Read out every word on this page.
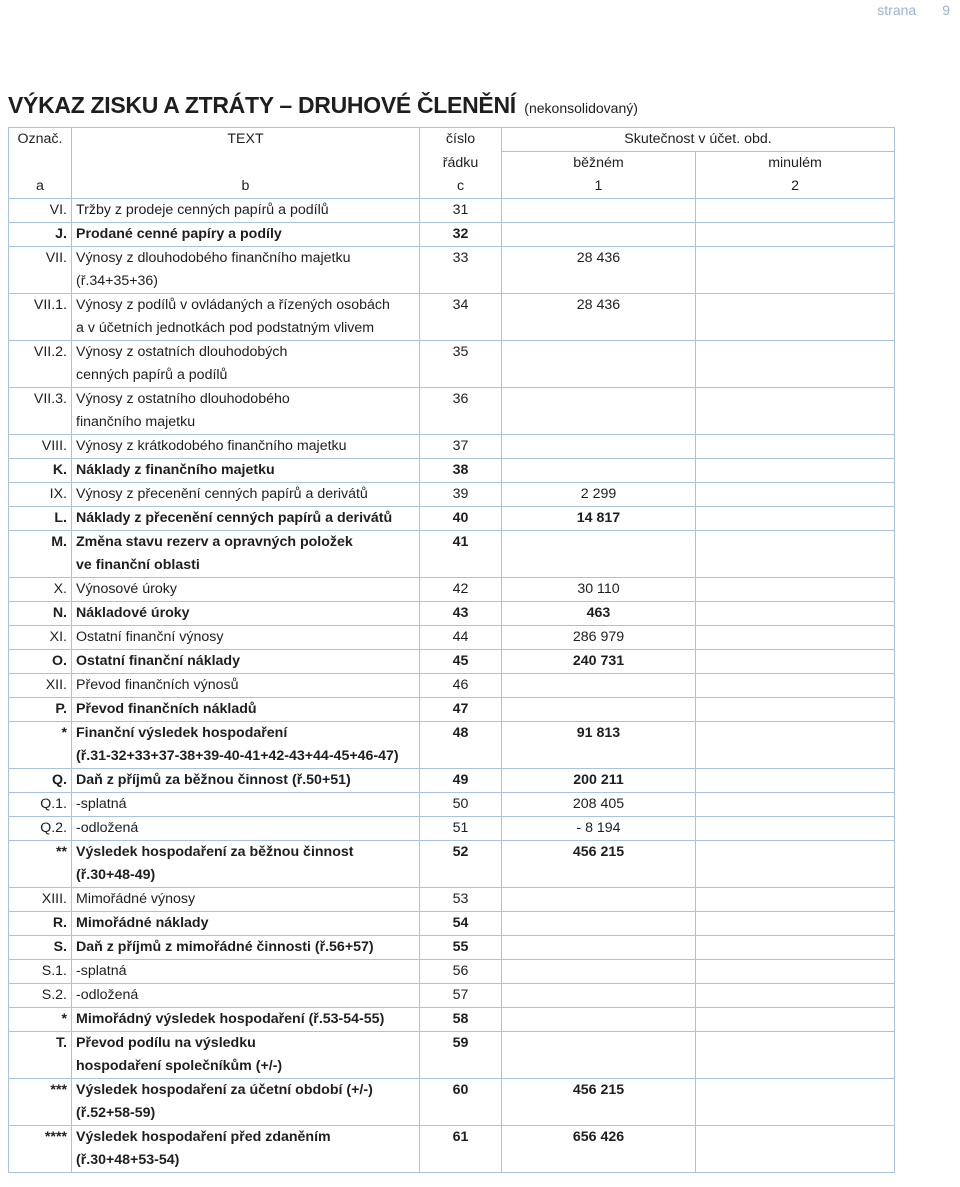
strana 9
VÝKAZ ZISKU A ZTRÁTY – DRUHOVÉ ČLENĚNÍ (nekonsolidovaný)
Označ.	TEXT	číslo	Skutečnost v účet. obd.	
		řádku	běžném	minulém
a	b	c	1	2
VI.	Tržby z prodeje cenných papírů a podílů	31		
J.	Prodané cenné papíry a podíly	32		
VII.	Výnosy z dlouhodobého finančního majetku	33	28 436	
	(ř.34+35+36)			
VII.1.	Výnosy z podílů v ovládaných a řízených osobách	34	28 436	
	a v účetních jednotkách pod podstatným vlivem			
VII.2.	Výnosy z ostatních dlouhodobých	35		
	cenných papírů a podílů			
VII.3.	Výnosy z ostatního dlouhodobého	36		
	finančního majetku			
VIII.	Výnosy z krátkodobého finančního majetku	37		
K.	Náklady z finančního majetku	38		
IX.	Výnosy z přecenění cenných papírů a derivátů	39	2 299	
L.	Náklady z přecenění cenných papírů a derivátů	40	14 817	
M.	Změna stavu rezerv a opravných položek	41		
	ve finanční oblasti			
X.	Výnosové úroky	42	30 110	
N.	Nákladové úroky	43	463	
XI.	Ostatní finanční výnosy	44	286 979	
O.	Ostatní finanční náklady	45	240 731	
XII.	Převod finančních výnosů	46		
P.	Převod finančních nákladů	47		
*	Finanční výsledek hospodaření	48	91 813	
	(ř.31-32+33+37-38+39-40-41+42-43+44-45+46-47)			
Q.	Daň z příjmů za běžnou činnost (ř.50+51)	49	200 211	
Q.1.	-splatná	50	208 405	
Q.2.	-odložená	51	- 8 194	
**	Výsledek hospodaření za běžnou činnost	52	456 215	
	(ř.30+48-49)			
XIII.	Mimořádné výnosy	53		
R.	Mimořádné náklady	54		
S.	Daň z příjmů z mimořádné činnosti (ř.56+57)	55		
S.1.	-splatná	56		
S.2.	-odložená	57		
*	Mimořádný výsledek hospodaření (ř.53-54-55)	58		
T.	Převod podílu na výsledku	59		
	hospodaření společníkům (+/-)			
***	Výsledek hospodaření za účetní období (+/-)	60	456 215	
	(ř.52+58-59)			
****	Výsledek hospodaření před zdaněním	61	656 426	
	(ř.30+48+53-54)			
